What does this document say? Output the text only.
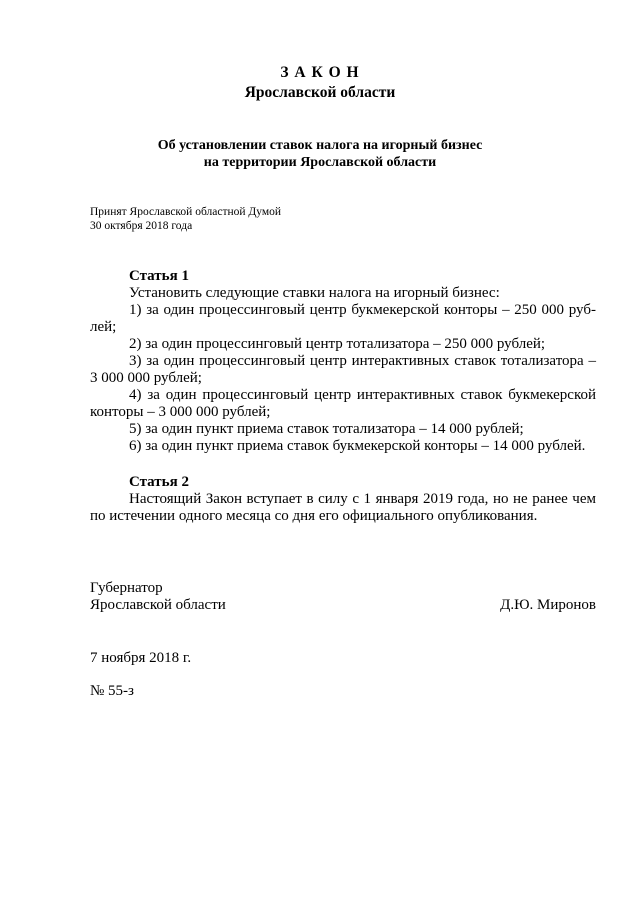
З А К О Н
Ярославской области
Об установлении ставок налога на игорный бизнес
на территории Ярославской области
Принят Ярославской областной Думой
30 октября 2018 года
Статья 1
Установить следующие ставки налога на игорный бизнес:
1) за один процессинговый центр букмекерской конторы – 250 000 руб-лей;
2) за один процессинговый центр тотализатора – 250 000 рублей;
3) за один процессинговый центр интерактивных ставок тотализатора – 3 000 000 рублей;
4) за один процессинговый центр интерактивных ставок букмекерской конторы – 3 000 000 рублей;
5) за один пункт приема ставок тотализатора – 14 000 рублей;
6) за один пункт приема ставок букмекерской конторы – 14 000 рублей.
Статья 2
Настоящий Закон вступает в силу с 1 января 2019 года, но не ранее чем по истечении одного месяца со дня его официального опубликования.
Губернатор
Ярославской области	Д.Ю. Миронов
7 ноября 2018 г.
№ 55-з
